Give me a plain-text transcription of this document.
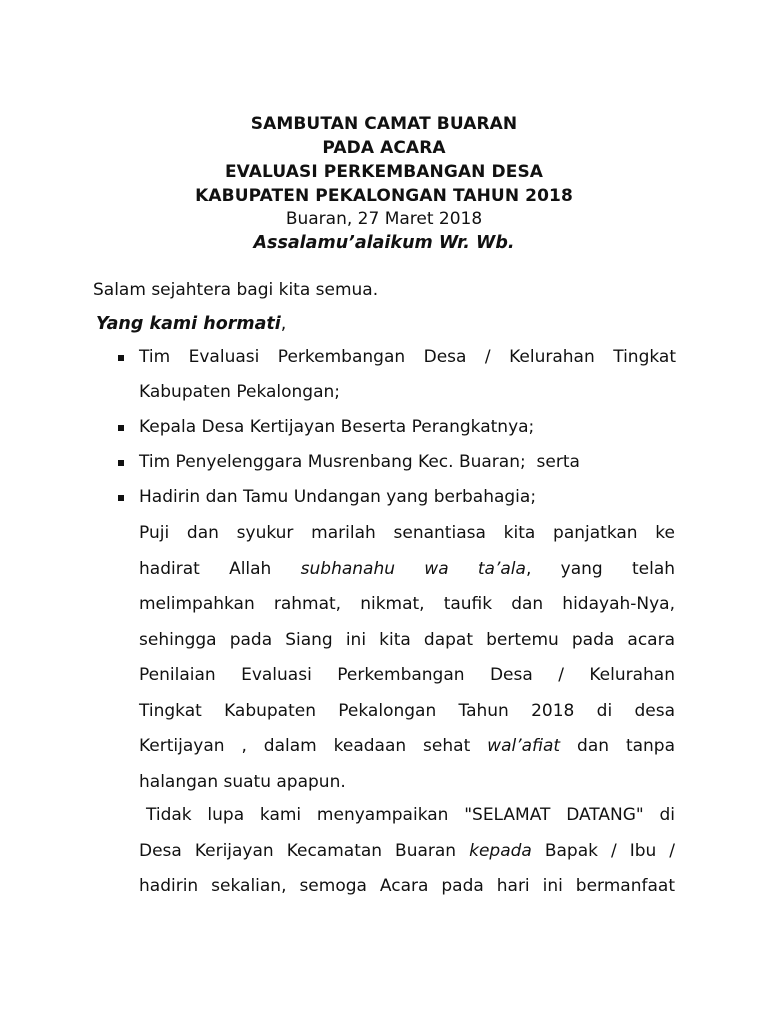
SAMBUTAN CAMAT BUARAN
PADA ACARA
EVALUASI PERKEMBANGAN DESA
KABUPATEN PEKALONGAN TAHUN 2018
Buaran, 27 Maret 2018
Assalamu’alaikum Wr. Wb.
Salam sejahtera bagi kita semua.
Yang kami hormati,
Tim Evaluasi Perkembangan Desa / Kelurahan Tingkat
Kabupaten Pekalongan;
Kepala Desa Kertijayan Beserta Perangkatnya;
Tim Penyelenggara Musrenbang Kec. Buaran;  serta
Hadirin dan Tamu Undangan yang berbahagia;
Puji dan syukur marilah senantiasa kita panjatkan ke
hadirat Allah subhanahu wa ta’ala, yang telah
melimpahkan rahmat, nikmat, taufik dan hidayah-Nya,
sehingga pada Siang ini kita dapat bertemu pada acara
Penilaian Evaluasi Perkembangan Desa / Kelurahan
Tingkat Kabupaten Pekalongan Tahun 2018 di desa
Kertijayan , dalam keadaan sehat wal’afiat dan tanpa
halangan suatu apapun.
Tidak lupa kami menyampaikan "SELAMAT DATANG" di
Desa Kerijayan Kecamatan Buaran kepada Bapak / Ibu /
hadirin sekalian, semoga Acara pada hari ini bermanfaat
